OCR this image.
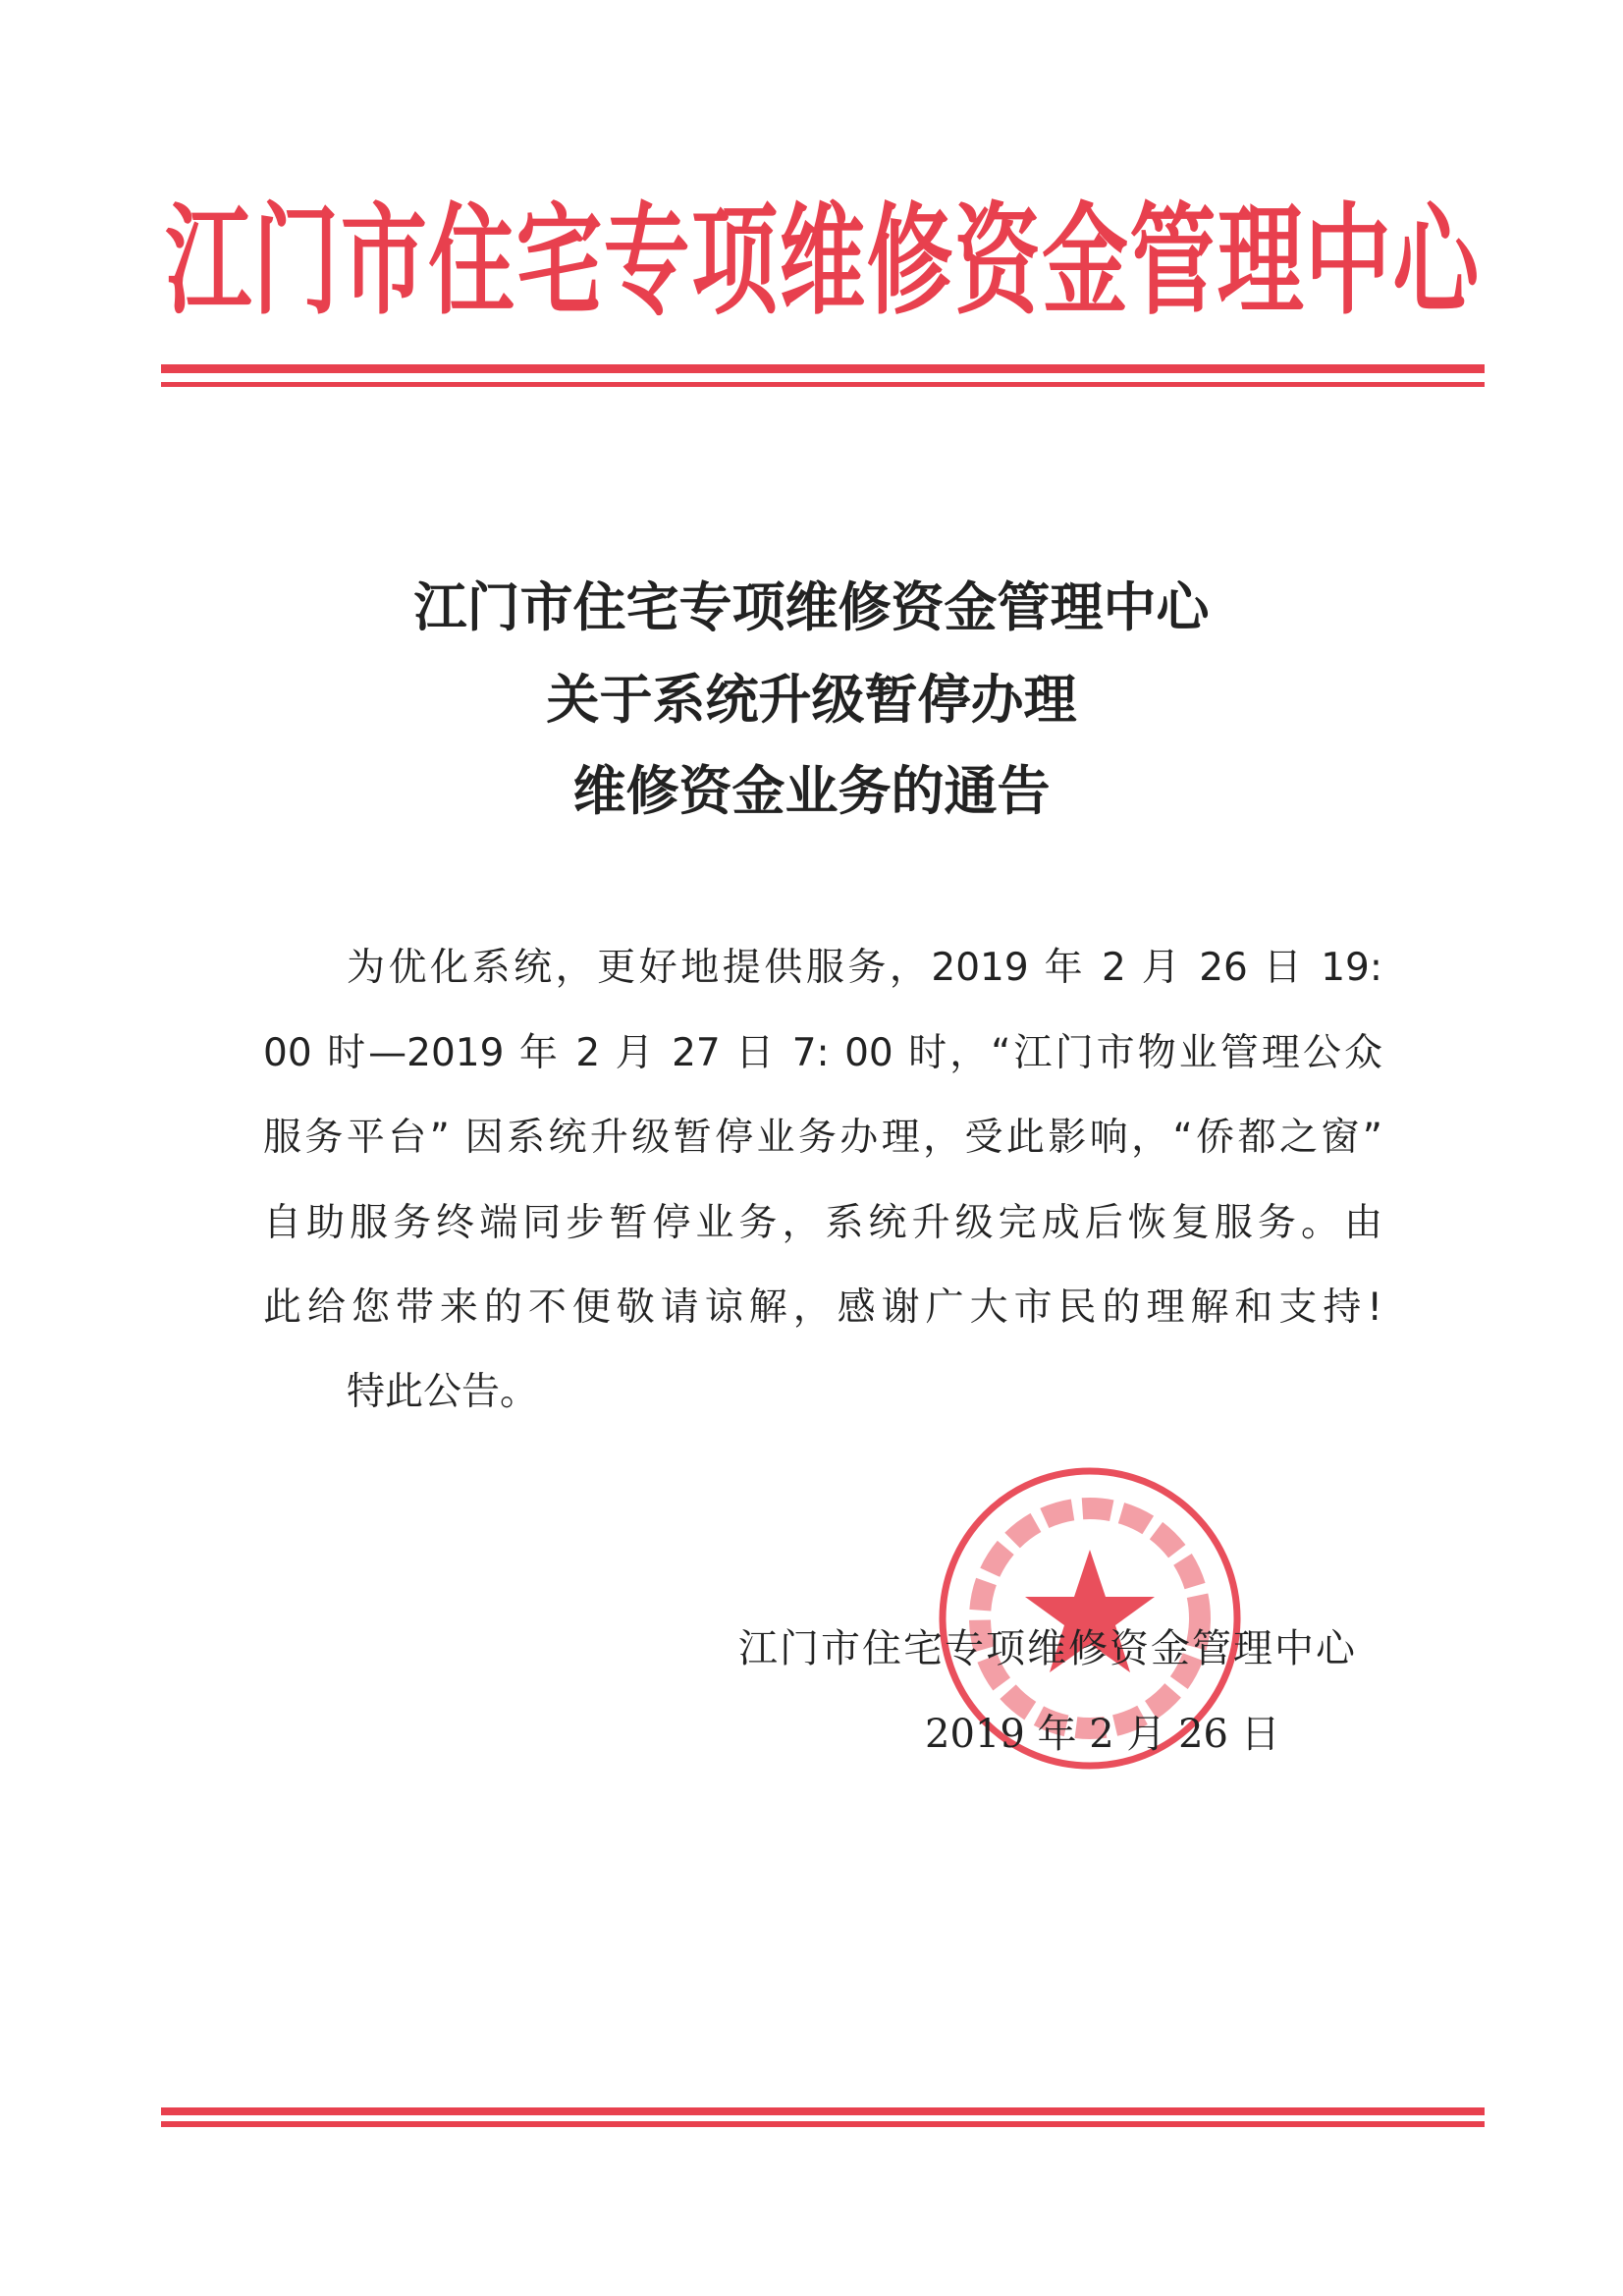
江门市住宅专项维修资金管理中心
江门市住宅专项维修资金管理中心
关于系统升级暂停办理
维修资金业务的通告
为优化系统，更好地提供服务，2019 年 2 月 26 日 19:
00 时—2019 年 2 月 27 日 7: 00 时，“江门市物业管理公众
服务平台” 因系统升级暂停业务办理，受此影响，“侨都之窗”
自助服务终端同步暂停业务，系统升级完成后恢复服务。由
此给您带来的不便敬请谅解，感谢广大市民的理解和支持!
特此公告。
江门市住宅专项维修资金管理中心
2019 年 2 月 26 日
